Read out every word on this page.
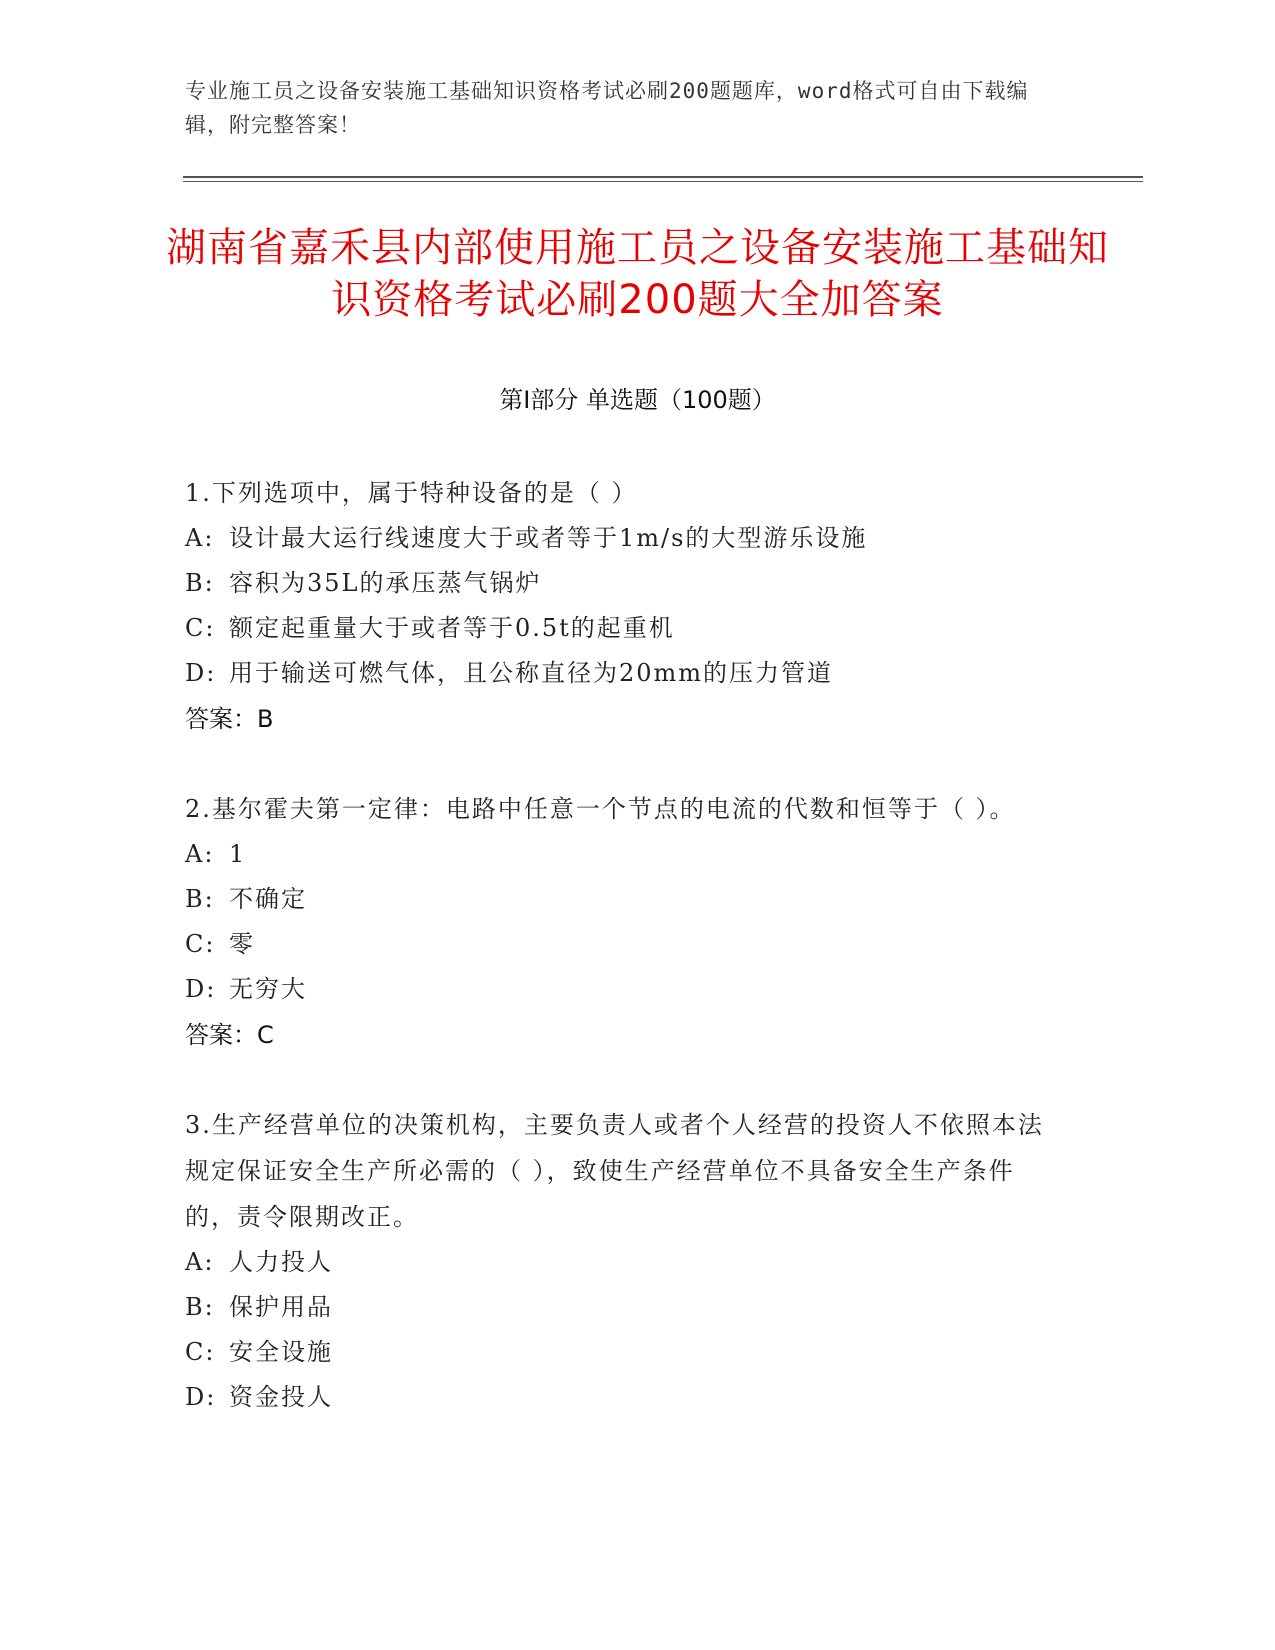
专业施工员之设备安装施工基础知识资格考试必刷200题题库，word格式可自由下载编辑，附完整答案！
湖南省嘉禾县内部使用施工员之设备安装施工基础知识资格考试必刷200题大全加答案
第Ⅰ部分 单选题（100题）
1.下列选项中，属于特种设备的是（ ）
A: 设计最大运行线速度大于或者等于1m/s的大型游乐设施
B: 容积为35L的承压蒸气锅炉
C: 额定起重量大于或者等于0.5t的起重机
D: 用于输送可燃气体，且公称直径为20mm的压力管道
答案：B
2.基尔霍夫第一定律：电路中任意一个节点的电流的代数和恒等于（ ）。
A: 1
B: 不确定
C: 零
D: 无穷大
答案：C
3.生产经营单位的决策机构，主要负责人或者个人经营的投资人不依照本法规定保证安全生产所必需的（ ），致使生产经营单位不具备安全生产条件的，责令限期改正。
A: 人力投人
B: 保护用品
C: 安全设施
D: 资金投人
